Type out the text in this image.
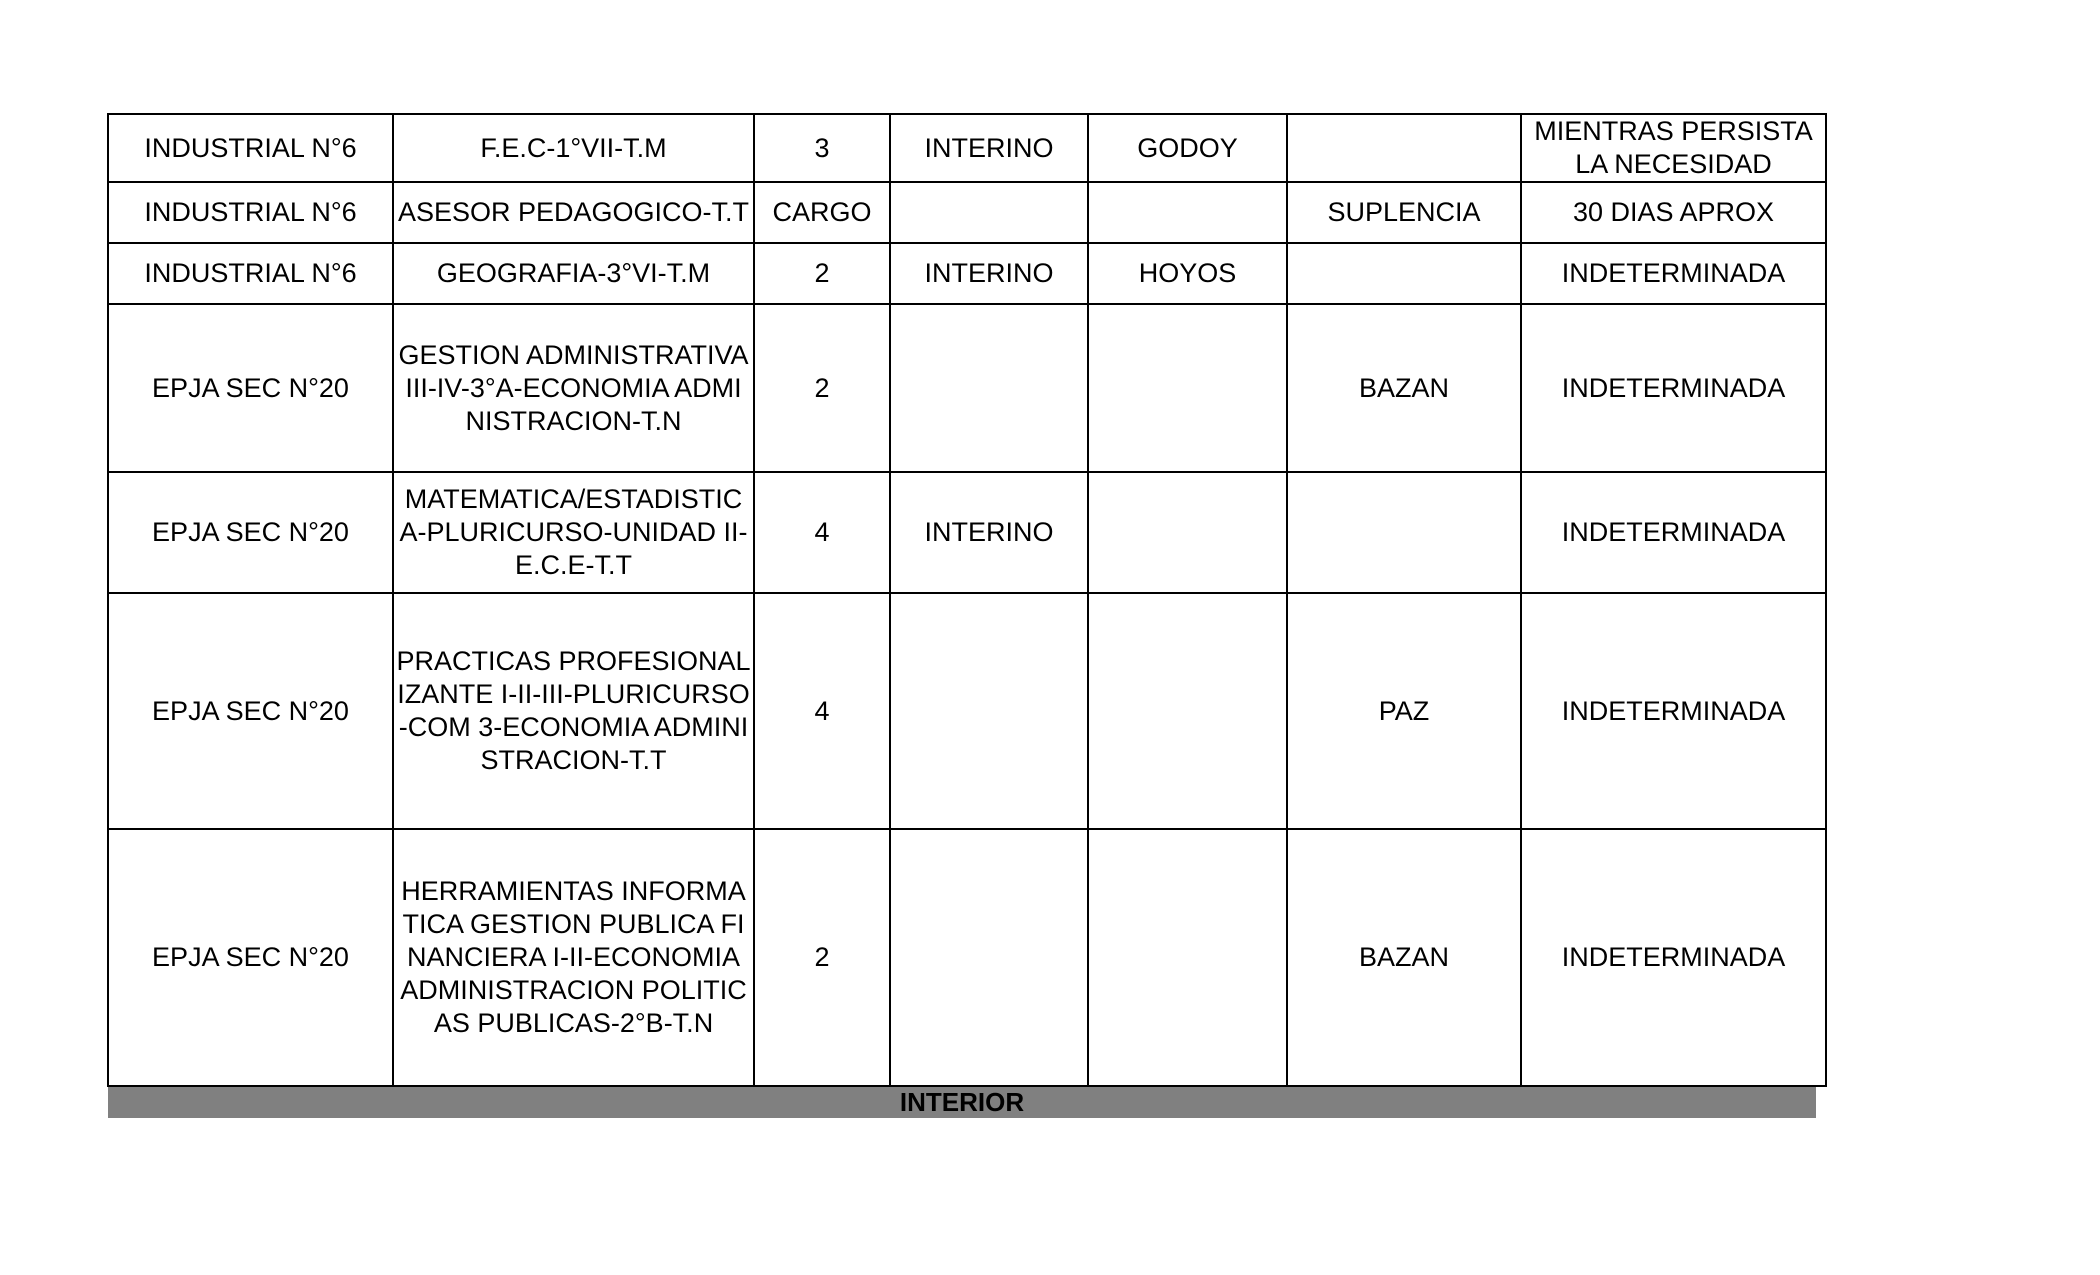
INDUSTRIAL N°6	F.E.C-1°VII-T.M	3	INTERINO	GODOY		MIENTRAS PERSISTA LA NECESIDAD
INDUSTRIAL N°6	ASESOR PEDAGOGICO-T.T	CARGO			SUPLENCIA	30 DIAS APROX
INDUSTRIAL N°6	GEOGRAFIA-3°VI-T.M	2	INTERINO	HOYOS		INDETERMINADA
EPJA SEC N°20	GESTION ADMINISTRATIVA III-IV-3°A-ECONOMIA ADMINISTRACION-T.N	2			BAZAN	INDETERMINADA
EPJA SEC N°20	MATEMATICA/ESTADISTICA-PLURICURSO-UNIDAD II-E.C.E-T.T	4	INTERINO			INDETERMINADA
EPJA SEC N°20	PRACTICAS PROFESIONALIZANTE I-II-III-PLURICURSO-COM 3-ECONOMIA ADMINISTRACION-T.T	4			PAZ	INDETERMINADA
EPJA SEC N°20	HERRAMIENTAS INFORMATICA GESTION PUBLICA FINANCIERA I-II-ECONOMIA ADMINISTRACION POLITICAS PUBLICAS-2°B-T.N	2			BAZAN	INDETERMINADA
INTERIOR
